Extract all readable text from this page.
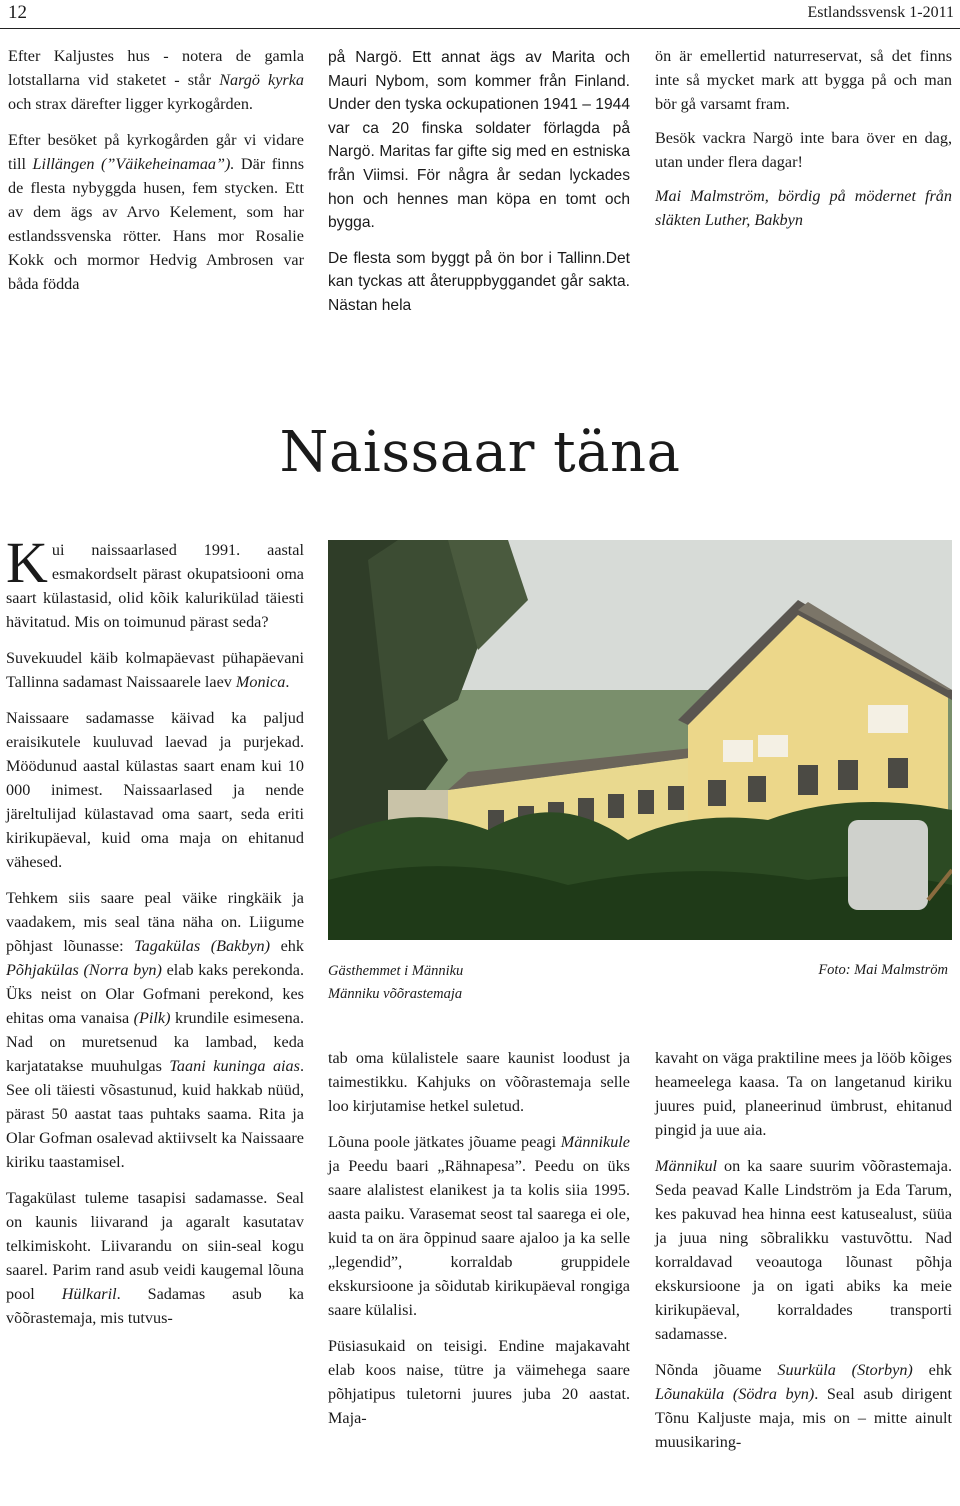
12	Estlandssvensk 1-2011

Efter Kaljustes hus - notera de gamla lotstallarna vid staketet - står Nargö kyrka och strax därefter ligger kyrkogården.

Efter besöket på kyrkogården går vi vidare till Lillängen (”Väikeheinamaa”). Där finns de flesta nybyggda husen, fem stycken. Ett av dem ägs av Arvo Kelement, som har estlandssvenska rötter. Hans mor Rosalie Kokk och mormor Hedvig Ambrosen var båda födda

på Nargö. Ett annat ägs av Marita och Mauri Nybom, som kommer från Finland. Under den tyska ockupationen 1941 – 1944 var ca 20 finska soldater förlagda på Nargö. Maritas far gifte sig med en estniska från Viimsi. För några år sedan lyckades hon och hennes man köpa en tomt och bygga.

De flesta som byggt på ön bor i Tallinn.Det kan tyckas att återuppbyggandet går sakta. Nästan hela

ön är emellertid naturreservat, så det finns inte så mycket mark att bygga på och man bör gå varsamt fram.

Besök vackra Nargö inte bara över en dag, utan under flera dagar!

Mai Malmström, bördig på mödernet från släkten Luther, Bakbyn

Naissaar täna

Kui naissaarlased 1991. aastal esmakordselt pärast okupatsiooni oma saart külastasid, olid kõik kalurikülad täiesti hävitatud. Mis on toimunud pärast seda?

Suvekuudel käib kolmapäevast pühapäevani Tallinna sadamast Naissaarele laev Monica.

Naissaare sadamasse käivad ka paljud eraisikutele kuuluvad laevad ja purjekad. Möödunud aastal külastas saart enam kui 10 000 inimest. Naissaarlased ja nende järeltulijad külastavad oma saart, seda eriti kirikupäeval, kuid oma maja on ehitanud vähesed.

Tehkem siis saare peal väike ringkäik ja vaadakem, mis seal täna näha on. Liigume põhjast lõunasse: Tagakülas (Bakbyn) ehk Põhjakülas (Norra byn) elab kaks perekonda. Üks neist on Olar Gofmani perekond, kes ehitas oma vanaisa (Pilk) krundile esimesena. Nad on muretsenud ka lambad, keda karjatatakse muuhulgas Taani kuninga aias. See oli täiesti võsastunud, kuid hakkab nüüd, pärast 50 aastat taas puhtaks saama. Rita ja Olar Gofman osalevad aktiivselt ka Naissaare kiriku taastamisel.

Tagakülast tuleme tasapisi sadamasse. Seal on kaunis liivarand ja agaralt kasutatav telkimiskoht. Liivarandu on siin-seal kogu saarel. Parim rand asub veidi kaugemal lõuna pool Hülkaril. Sadamas asub ka võõrastemaja, mis tutvus-

Gästhemmet i Männiku
Männiku võõrastemaja
Foto: Mai Malmström

tab oma külalistele saare kaunist loodust ja taimestikku. Kahjuks on võõrastemaja selle loo kirjutamise hetkel suletud.

Lõuna poole jätkates jõuame peagi Männikule ja Peedu baari „Rähnapesa”. Peedu on üks saare alalistest elanikest ja ta kolis siia 1995. aasta paiku. Varasemat seost tal saarega ei ole, kuid ta on ära õppinud saare ajaloo ja ka selle „legendid”, korraldab gruppidele ekskursioone ja sõidutab kirikupäeval rongiga saare külalisi.

Püsiasukaid on teisigi. Endine majakavaht elab koos naise, tütre ja väimehega saare põhjatipus tuletorni juures juba 20 aastat. Maja-

kavaht on väga praktiline mees ja lööb kõiges heameelega kaasa. Ta on langetanud kiriku juures puid, planeerinud ümbrust, ehitanud pingid ja uue aia.

Männikul on ka saare suurim võõrastemaja. Seda peavad Kalle Lindström ja Eda Tarum, kes pakuvad hea hinna eest katusealust, süüa ja juua ning sõbralikku vastuvõttu. Nad korraldavad veoautoga lõunast põhja ekskursioone ja on igati abiks ka meie kirikupäeval, korraldades transporti sadamasse.

Nõnda jõuame Suurküla (Storbyn) ehk Lõunaküla (Södra byn). Seal asub dirigent Tõnu Kaljuste maja, mis on – mitte ainult muusikaring-
